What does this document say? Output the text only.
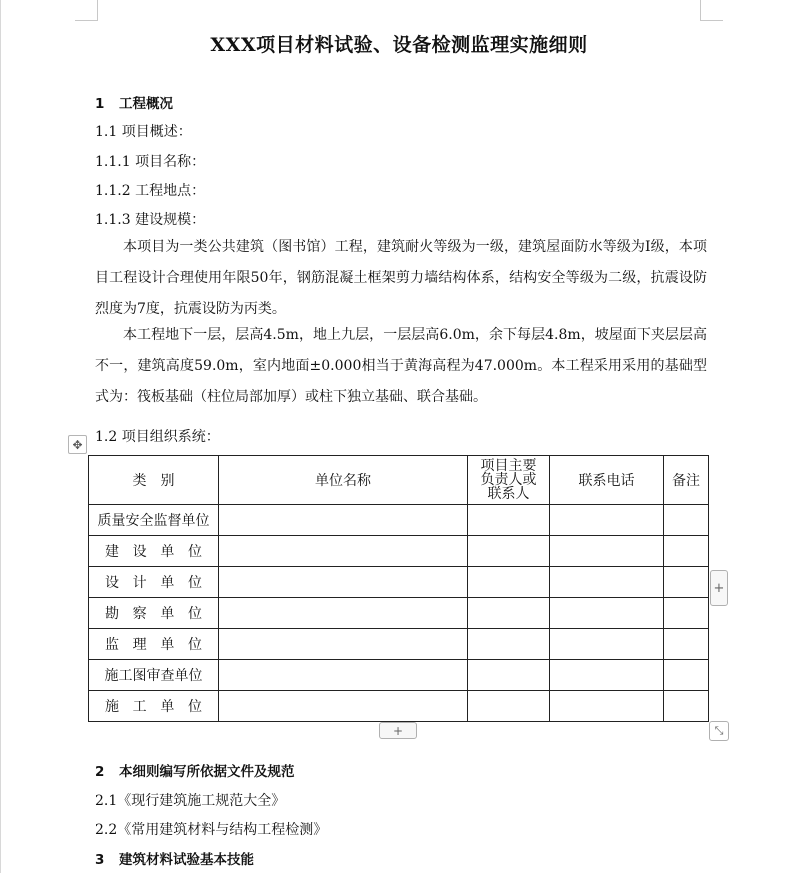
XXX项目材料试验、设备检测监理实施细则
1 工程概况
1.1 项目概述：
1.1.1 项目名称：
1.1.2 工程地点：
1.1.3 建设规模：
本项目为一类公共建筑（图书馆）工程，建筑耐火等级为一级，建筑屋面防水等级为Ⅰ级，本项目工程设计合理使用年限50年，钢筋混凝土框架剪力墙结构体系，结构安全等级为二级，抗震设防烈度为7度，抗震设防为丙类。
本工程地下一层，层高4.5m，地上九层，一层层高6.0m，余下每层4.8m，坡屋面下夹层层高不一，建筑高度59.0m，室内地面±0.000相当于黄海高程为47.000m。本工程采用采用的基础型式为：筏板基础（柱位局部加厚）或柱下独立基础、联合基础。
1.2 项目组织系统：
✥
类　别	单位名称	项目主要
负责人或
联系人	联系电话	备注
质量安全监督单位				

建 设 单 位				

设 计 单 位				

勘 察 单 位				

监 理 单 位				

施工图审查单位				

施 工 单 位				

+
+	⤡
2 本细则编写所依据文件及规范
2.1《现行建筑施工规范大全》
2.2《常用建筑材料与结构工程检测》
3 建筑材料试验基本技能
